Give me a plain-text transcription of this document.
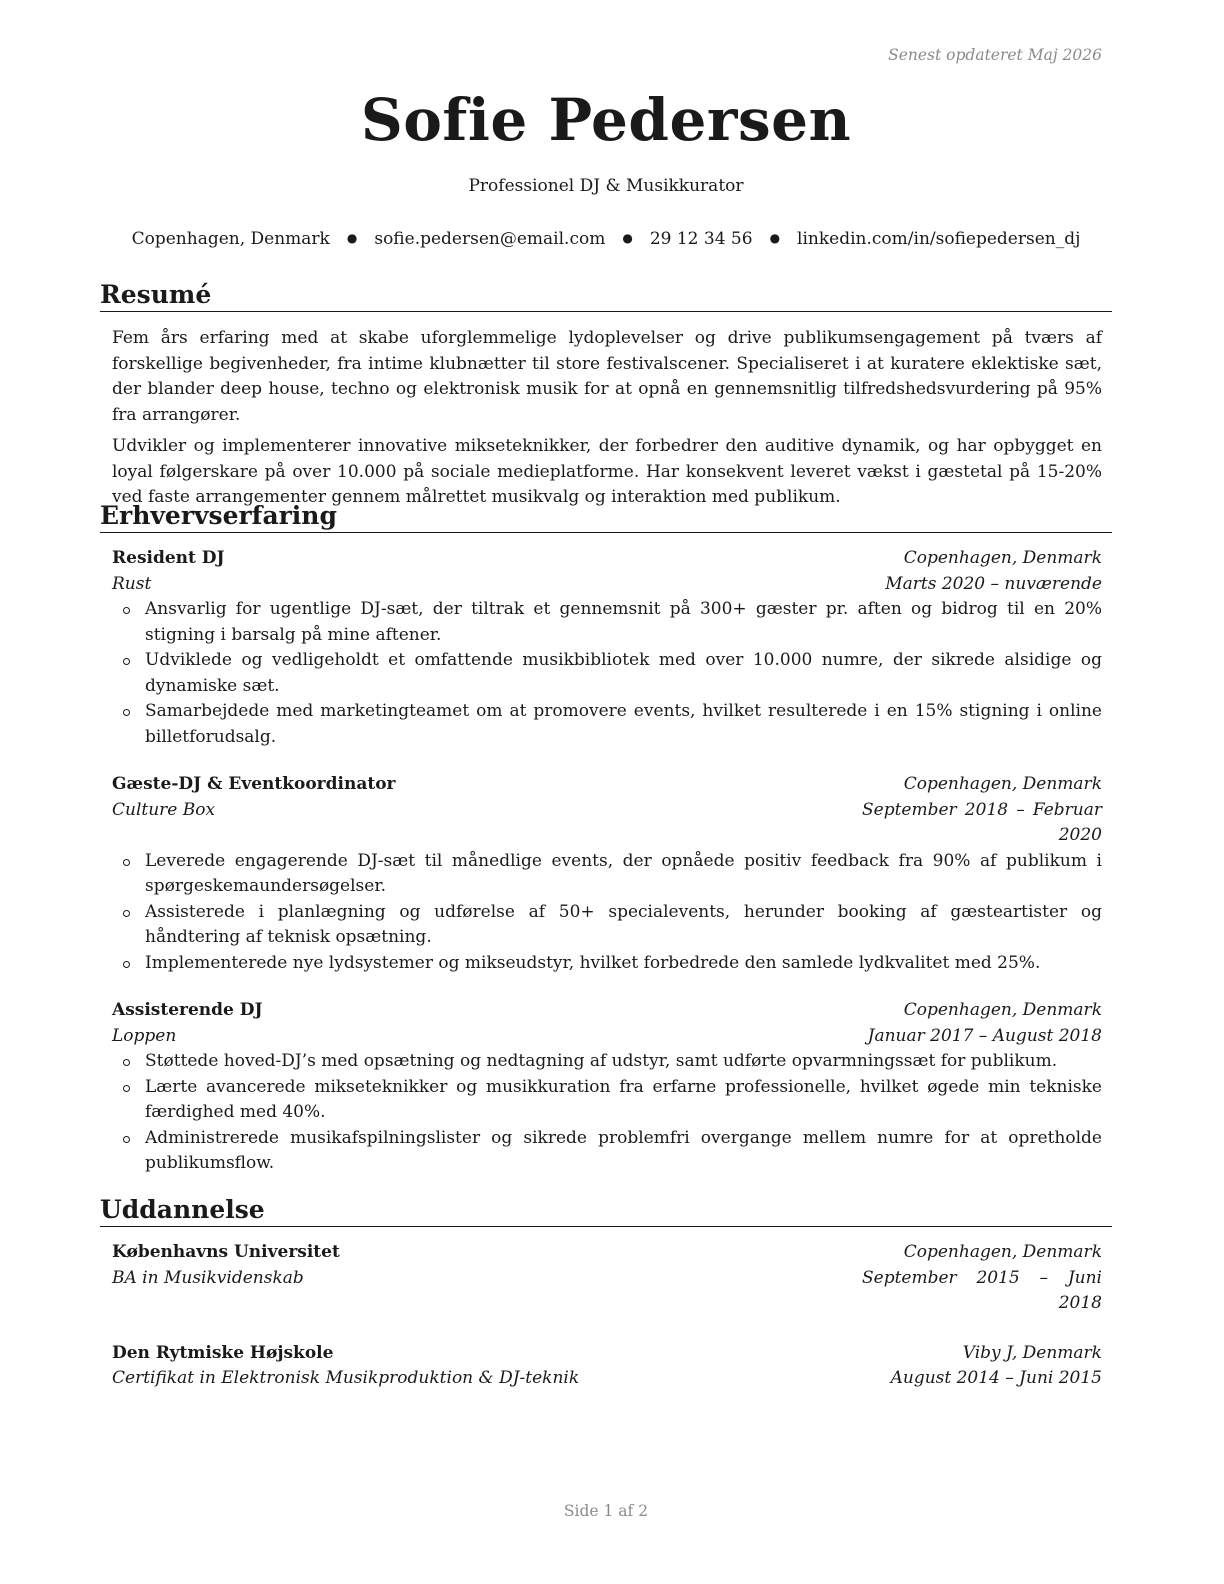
Senest opdateret Maj 2026
Sofie Pedersen
Professionel DJ & Musikkurator
Copenhagen, Denmark ● sofie.pedersen@email.com ● 29 12 34 56 ● linkedin.com/in/sofiepedersen_dj
Resumé

Fem års erfaring med at skabe uforglemmelige lydoplevelser og drive publikumsengagement på tværs af forskellige begivenheder, fra intime klubnætter til store festivalscener. Specialiseret i at kuratere eklektiske sæt, der blander deep house, techno og elektronisk musik for at opnå en gennemsnitlig tilfredshedsvurdering på 95% fra arrangører.

Udvikler og implementerer innovative mikseteknikker, der forbedrer den auditive dynamik, og har opbygget en loyal følgerskare på over 10.000 på sociale medieplatforme. Har konsekvent leveret vækst i gæstetal på 15-20% ved faste arrangementer gennem målrettet musikvalg og interaktion med publikum.

Erhvervserfaring
Resident DJ	Copenhagen, Denmark
Rust	Marts 2020 – nuværende
Ansvarlig for ugentlige DJ-sæt, der tiltrak et gennemsnit på 300+ gæster pr. aften og bidrog til en 20% stigning i barsalg på mine aftener.
Udviklede og vedligeholdt et omfattende musikbibliotek med over 10.000 numre, der sikrede alsidige og dynamiske sæt.
Samarbejdede med marketingteamet om at promovere events, hvilket resulterede i en 15% stigning i online billetforudsalg.
Gæste-DJ & Eventkoordinator	Copenhagen, Denmark
Culture Box	September 2018 – Februar 2020
Leverede engagerende DJ-sæt til månedlige events, der opnåede positiv feedback fra 90% af publikum i spørgeskemaundersøgelser.
Assisterede i planlægning og udførelse af 50+ specialevents, herunder booking af gæsteartister og håndtering af teknisk opsætning.
Implementerede nye lydsystemer og mikseudstyr, hvilket forbedrede den samlede lydkvalitet med 25%.
Assisterende DJ	Copenhagen, Denmark
Loppen	Januar 2017 – August 2018
Støttede hoved-DJ’s med opsætning og nedtagning af udstyr, samt udførte opvarmningssæt for publikum.
Lærte avancerede mikseteknikker og musikkuration fra erfarne professionelle, hvilket øgede min tekniske færdighed med 40%.
Administrerede musikafspilningslister og sikrede problemfri overgange mellem numre for at opretholde publikumsflow.
Uddannelse
Københavns Universitet	Copenhagen, Denmark
BA in Musikvidenskab	September 2015 – Juni 2018
Den Rytmiske Højskole	Viby J, Denmark
Certifikat in Elektronisk Musikproduktion & DJ-teknik	August 2014 – Juni 2015
Side 1 af 2
